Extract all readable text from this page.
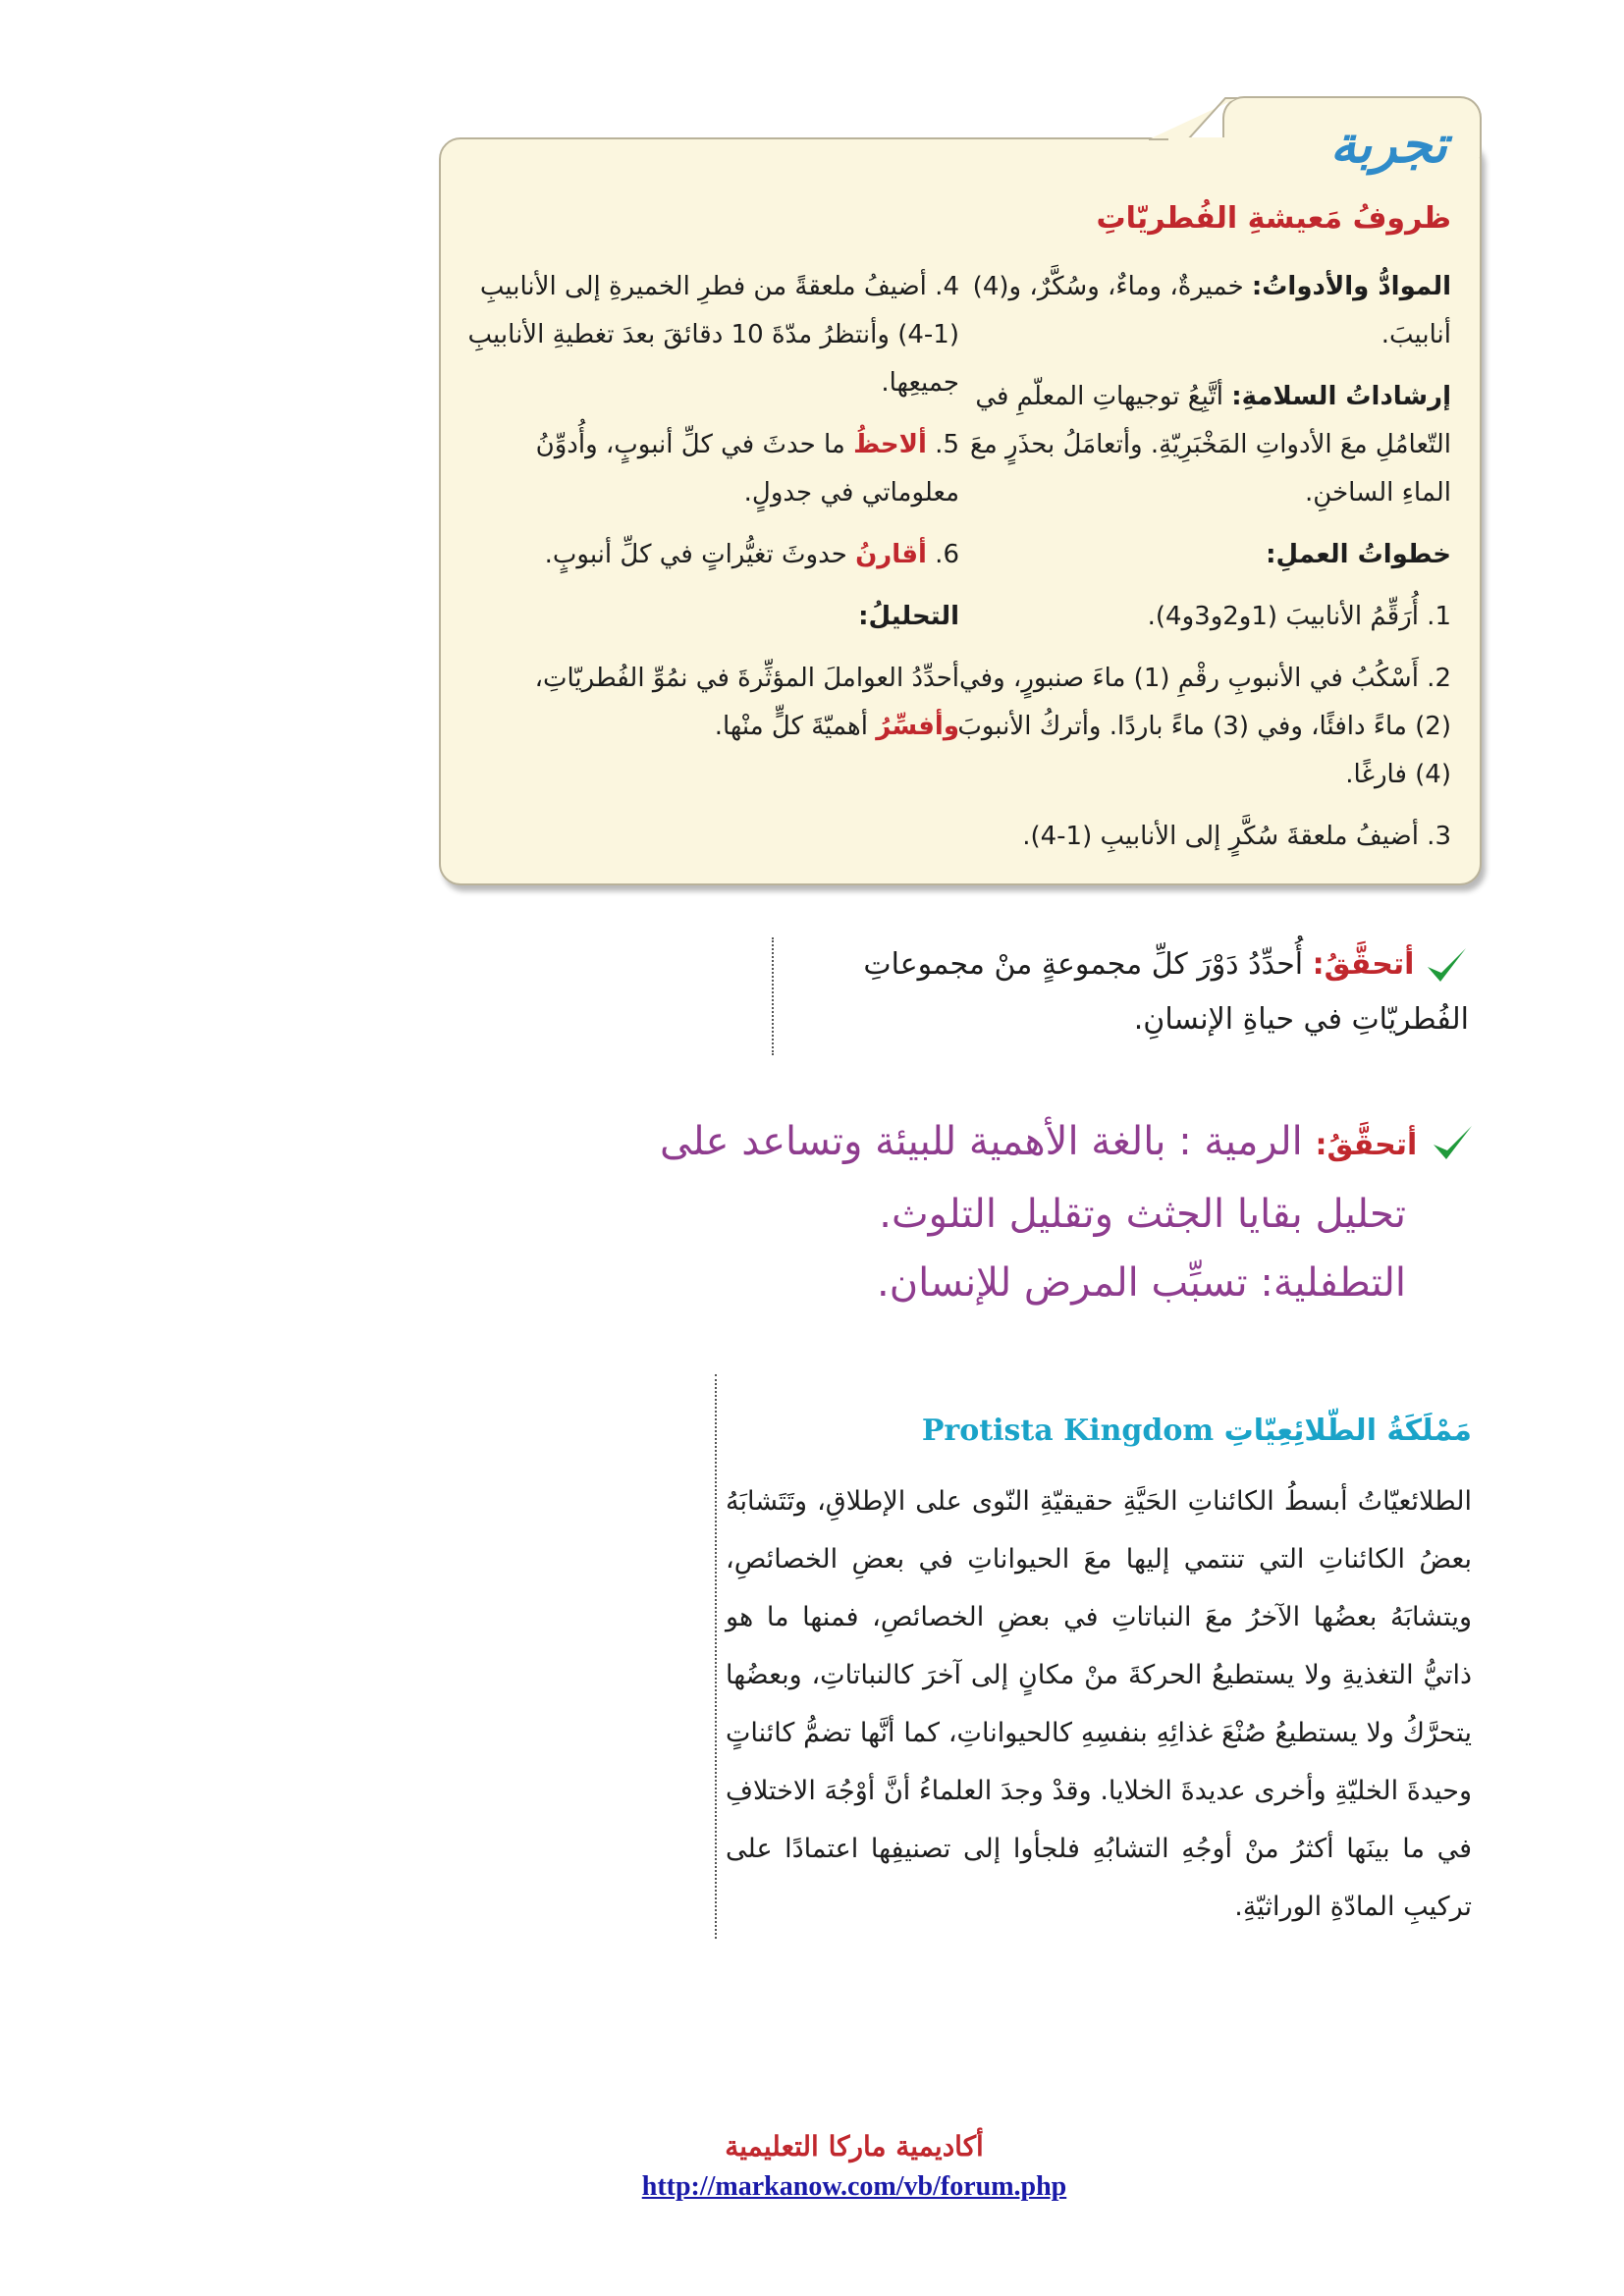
تجربة
ظروفُ مَعيشةِ الفُطريّاتِ

الموادُّ والأدواتُ: خميرةٌ، وماءٌ، وسُكَّرٌ، و(4) أنابيبَ.

إرشاداتُ السلامةِ: أتَّبِعُ توجيهاتِ المعلّمِ في التّعامُلِ معَ الأدواتِ المَخْبَرِيّةِ. وأتعامَلُ بحذَرٍ معَ الماءِ الساخنِ.

خطواتُ العملِ:

1. أُرَقِّمُ الأنابيبَ (1و2و3و4).

2. أَسْكُبُ في الأنبوبِ رقْمِ (1) ماءَ صنبورٍ، وفي (2) ماءً دافئًا، وفي (3) ماءً باردًا. وأتركُ الأنبوبَ (4) فارغًا.

3. أضيفُ ملعقةَ سُكَّرٍ إلى الأنابيبِ (1-4).

4. أضيفُ ملعقةً من فطرِ الخميرةِ إلى الأنابيبِ (1-4) وأنتظرُ مدّةَ 10 دقائقَ بعدَ تغطيةِ الأنابيبِ جميعِها.

5. ألاحظُ ما حدثَ في كلِّ أنبوبٍ، وأُدوِّنُ معلوماتي في جدولٍ.

6. أقارنُ حدوثَ تغيُّراتٍ في كلِّ أنبوبٍ.

التحليلُ:

أحدِّدُ العواملَ المؤثِّرةَ في نمُوِّ الفُطريّاتِ، وأفسِّرُ أهميّةَ كلٍّ منْها.

أتحقَّقُ: أُحدِّدُ دَوْرَ كلِّ مجموعةٍ منْ مجموعاتِ الفُطريّاتِ في حياةِ الإنسانِ.
أتحقَّقُ: الرمية : بالغة الأهمية للبيئة وتساعد على
تحليل بقايا الجثث وتقليل التلوث.
التطفلية: تسبِّب المرض للإنسان.
مَمْلَكَةُ الطّلائِعِيّاتِ Protista Kingdom
الطلائعيّاتُ أبسطُ الكائناتِ الحَيَّةِ حقيقيّةِ النّوى على الإطلاقِ، وتَتَشابَهُ بعضُ الكائناتِ التي تنتمي إليها معَ الحيواناتِ في بعضِ الخصائصِ، ويتشابَهُ بعضُها الآخرُ معَ النباتاتِ في بعضِ الخصائصِ، فمنها ما هو ذاتيُّ التغذيةِ ولا يستطيعُ الحركةَ منْ مكانٍ إلى آخرَ كالنباتاتِ، وبعضُها يتحرَّكُ ولا يستطيعُ صُنْعَ غذائِهِ بنفسِهِ كالحيواناتِ، كما أنَّها تضمُّ كائناتٍ وحيدةَ الخليّةِ وأخرى عديدةَ الخلايا. وقدْ وجدَ العلماءُ أنَّ أوْجُهَ الاختلافِ في ما بينَها أكثرُ منْ أوجُهِ التشابُهِ فلجأوا إلى تصنيفِها اعتمادًا على تركيبِ المادّةِ الوراثيّةِ.
أكاديمية ماركا التعليمية
http://markanow.com/vb/forum.php
